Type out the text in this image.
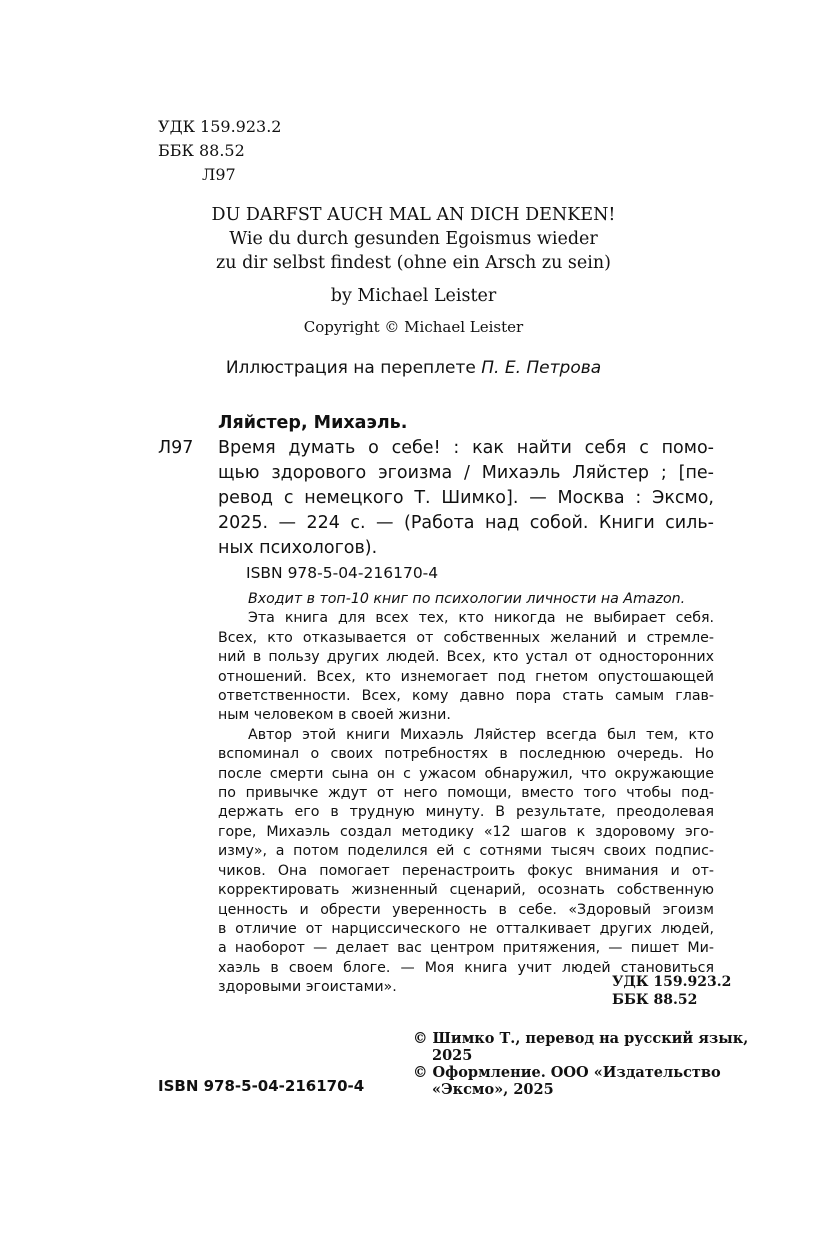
УДК 159.923.2
ББК 88.52
Л97
DU DARFST AUCH MAL AN DICH DENKEN!
Wie du durch gesunden Egoismus wieder
zu dir selbst findest (ohne ein Arsch zu sein)
by Michael Leister
Copyright © Michael Leister
Иллюстрация на переплете П. Е. Петрова
Ляйстер, Михаэль.
Л97 Время думать о себе! : как найти себя с помо-
щью здорового эгоизма / Михаэль Ляйстер ; [пе-
ревод с немецкого Т. Шимко]. — Москва : Эксмо,
2025. — 224 с. — (Работа над собой. Книги силь-
ных психологов).
ISBN 978-5-04-216170-4
Входит в топ-10 книг по психологии личности на Amazon.
Эта книга для всех тех, кто никогда не выбирает себя.
Всех, кто отказывается от собственных желаний и стремле-
ний в пользу других людей. Всех, кто устал от односторонних
отношений. Всех, кто изнемогает под гнетом опустошающей
ответственности. Всех, кому давно пора стать самым глав-
ным человеком в своей жизни.
Автор этой книги Михаэль Ляйстер всегда был тем, кто
вспоминал о своих потребностях в последнюю очередь. Но
после смерти сына он с ужасом обнаружил, что окружающие
по привычке ждут от него помощи, вместо того чтобы под-
держать его в трудную минуту. В результате, преодолевая
горе, Михаэль создал методику «12 шагов к здоровому эго-
изму», а потом поделился ей с сотнями тысяч своих подпис-
чиков. Она помогает перенастроить фокус внимания и от-
корректировать жизненный сценарий, осознать собственную
ценность и обрести уверенность в себе. «Здоровый эгоизм
в отличие от нарциссического не отталкивает других людей,
а наоборот — делает вас центром притяжения, — пишет Ми-
хаэль в своем блоге. — Моя книга учит людей становиться
здоровыми эгоистами».	УДК 159.923.2
ББК 88.52
© Шимко Т., перевод на русский язык,
2025
© Оформление. ООО «Издательство
«Эксмо», 2025
ISBN 978-5-04-216170-4
